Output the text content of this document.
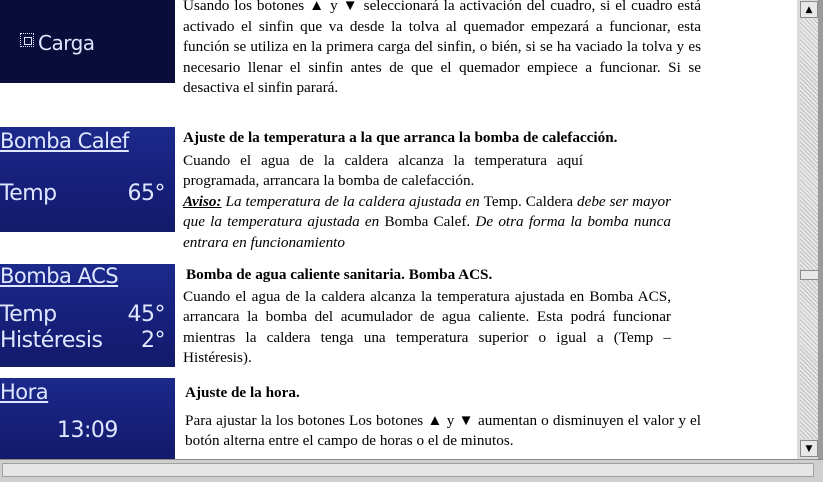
Carga

Usando los botones ▲ y ▼ seleccionará la activación del cuadro, si el cuadro está activado el sinfin que va desde la tolva al quemador empezará a funcionar, esta función se utiliza en la primera carga del sinfin, o bién, si se ha vaciado la tolva y es necesario llenar el sinfin antes de que el quemador empiece a funcionar. Si se desactiva el sinfin parará.

Bomba Calef
Temp	65°

Ajuste de la temperatura a la que arranca la bomba de calefacción.

Cuando el agua de la caldera alcanza la temperatura aquí programada, arrancara la bomba de calefacción.

Aviso: La temperatura de la caldera ajustada en Temp. Caldera debe ser mayor que la temperatura ajustada en Bomba Calef. De otra forma la bomba nunca entrara en funcionamiento

Bomba ACS
Temp	45°
Histéresis 2°

Bomba de agua caliente sanitaria. Bomba ACS.

Cuando el agua de la caldera alcanza la temperatura ajustada en Bomba ACS, arrancara la bomba del acumulador de agua caliente. Esta podrá funcionar mientras la caldera tenga una temperatura superior o igual a (Temp – Histéresis).

Hora
13:09

Ajuste de la hora.

Para ajustar la los botones Los botones ▲ y ▼ aumentan o disminuyen el valor y el botón alterna entre el campo de horas o el de minutos.

▲
▼
